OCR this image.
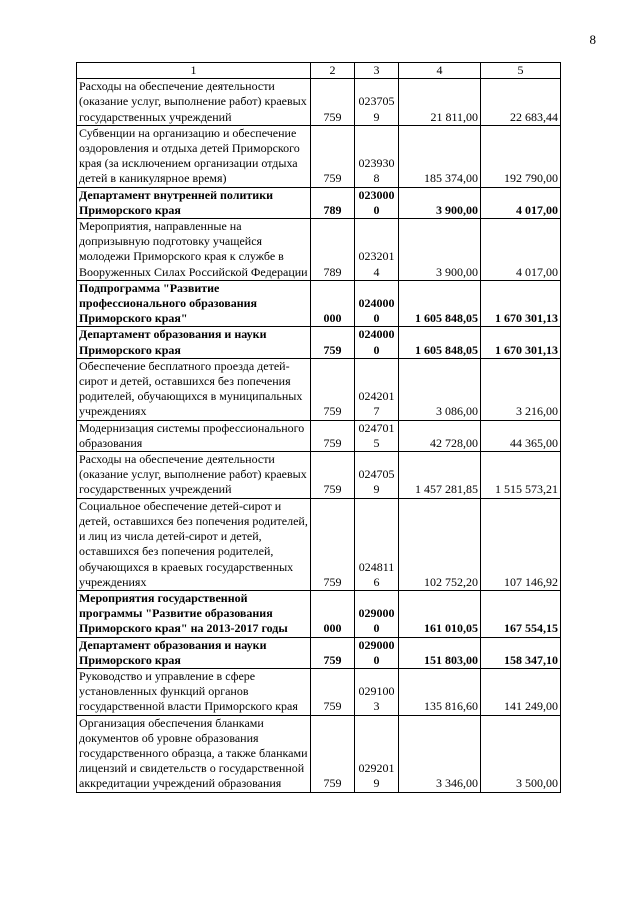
8
1	2	3	4	5
Расходы на обеспечение деятельности (оказание услуг, выполнение работ) краевых государственных учреждений	759	0237059	21 811,00	22 683,44
Субвенции на организацию и обеспечение оздоровления и отдыха детей Приморского края (за исключением организации отдыха детей в каникулярное время)	759	0239308	185 374,00	192 790,00
Департамент внутренней политики Приморского края	789	0230000	3 900,00	4 017,00
Мероприятия, направленные на допризывную подготовку учащейся молодежи Приморского края к службе в Вооруженных Силах Российской Федерации	789	0232014	3 900,00	4 017,00
Подпрограмма "Развитие профессионального образования Приморского края"	000	0240000	1 605 848,05	1 670 301,13
Департамент образования и науки Приморского края	759	0240000	1 605 848,05	1 670 301,13
Обеспечение бесплатного проезда детей-сирот и детей, оставшихся без попечения родителей, обучающихся в муниципальных учреждениях	759	0242017	3 086,00	3 216,00
Модернизация системы профессионального образования	759	0247015	42 728,00	44 365,00
Расходы на обеспечение деятельности (оказание услуг, выполнение работ) краевых государственных учреждений	759	0247059	1 457 281,85	1 515 573,21
Социальное обеспечение детей-сирот и детей, оставшихся без попечения родителей, и лиц из числа детей-сирот и детей, оставшихся без попечения родителей, обучающихся в краевых государственных учреждениях	759	0248116	102 752,20	107 146,92
Мероприятия государственной программы "Развитие образования Приморского края" на 2013-2017 годы	000	0290000	161 010,05	167 554,15
Департамент образования и науки Приморского края	759	0290000	151 803,00	158 347,10
Руководство и управление в сфере установленных функций органов государственной власти Приморского края	759	0291003	135 816,60	141 249,00
Организация обеспечения бланками документов об уровне образования государственного образца, а также бланками лицензий и свидетельств о государственной аккредитации учреждений образования	759	0292019	3 346,00	3 500,00
